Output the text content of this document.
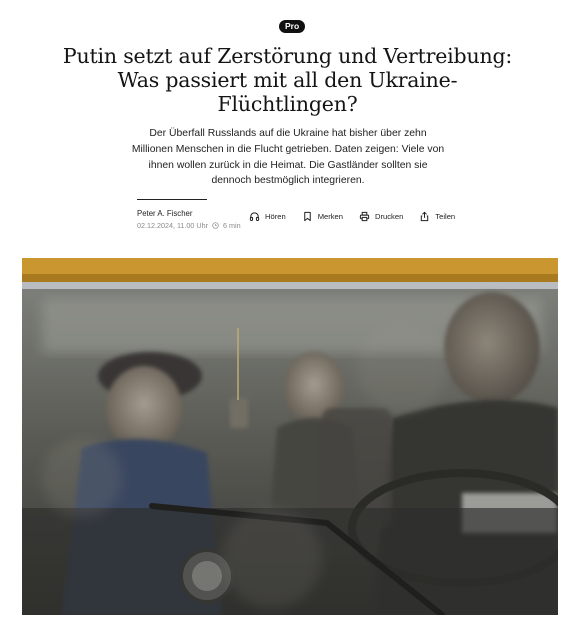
Pro
Putin setzt auf Zerstörung und Vertreibung: Was passiert mit all den Ukraine-Flüchtlingen?

Der Überfall Russlands auf die Ukraine hat bisher über zehn Millionen Menschen in die Flucht getrieben. Daten zeigen: Viele von ihnen wollen zurück in die Heimat. Die Gastländer sollten sie dennoch bestmöglich integrieren.

Peter A. Fischer
02.12.2024, 11.00 Uhr 6 min
Hören	Merken	Drucken	Teilen
